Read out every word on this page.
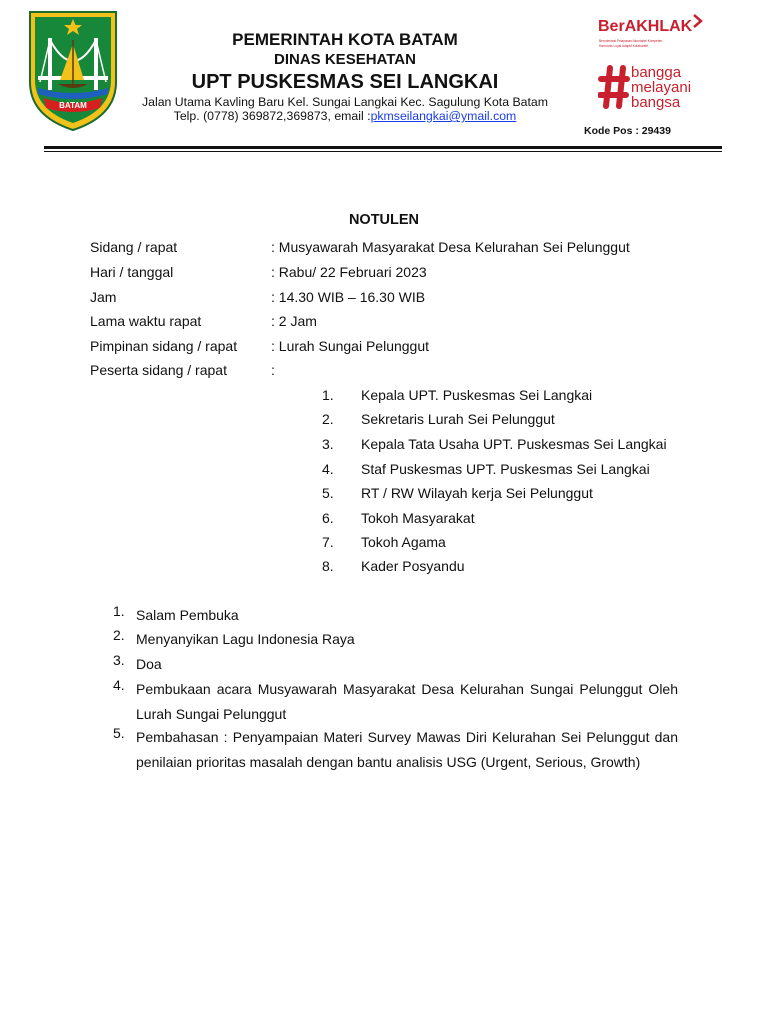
BATAM
PEMERINTAH KOTA BATAM
DINAS KESEHATAN
UPT PUSKESMAS SEI LANGKAI
Jalan Utama Kavling Baru Kel. Sungai Langkai Kec. Sagulung Kota Batam
Telp. (0778) 369872,369873, email :pkmseilangkai@ymail.com
BerAKHLAK
Berorientasi Pelayanan Akuntabel Kompeten
Harmonis Loyal Adaptif Kolaboratif
bangga
melayani
bangsa
Kode Pos : 29439
NOTULEN
Sidang / rapat	: Musyawarah Masyarakat Desa Kelurahan Sei Pelunggut
Hari / tanggal	: Rabu/ 22 Februari 2023
Jam	: 14.30 WIB – 16.30 WIB
Lama waktu rapat	: 2 Jam
Pimpinan sidang / rapat : Lurah Sungai Pelunggut
Peserta sidang / rapat	:
1. Kepala UPT. Puskesmas Sei Langkai
2. Sekretaris Lurah Sei Pelunggut
3. Kepala Tata Usaha UPT. Puskesmas Sei Langkai
4. Staf Puskesmas UPT. Puskesmas Sei Langkai
5. RT / RW Wilayah kerja Sei Pelunggut
6. Tokoh Masyarakat
7. Tokoh Agama
8. Kader Posyandu
1. Salam Pembuka
2. Menyanyikan Lagu Indonesia Raya
3. Doa
4. Pembukaan acara Musyawarah Masyarakat Desa Kelurahan Sungai Pelunggut Oleh Lurah Sungai Pelunggut
5. Pembahasan : Penyampaian Materi Survey Mawas Diri Kelurahan Sei Pelunggut dan penilaian prioritas masalah dengan bantu analisis USG (Urgent, Serious, Growth)
